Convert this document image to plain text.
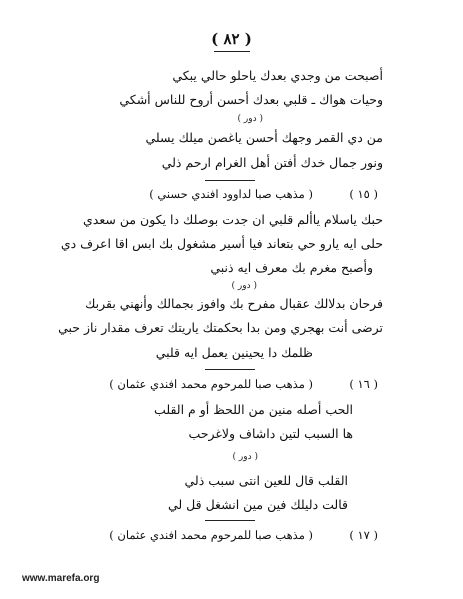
( ٨٢ )
أصبحت من وجدي بعدك ياحلو حالي يبكي
وحيات هواك ـ قلبي بعدك أحسن أروح للناس أشكي
( دور )
من دي القمر وجهك أحسن ياغصن ميلك يسلي
ونور جمال خدك أفتن أهل الغرام ارحم ذلي
( ١٥ )
( مذهب صبا لداوود افندي حسني )
حبك ياسلام ياألم قلبي ان جدت بوصلك دا يكون من سعدي
حلى ايه يارو حي بتعاند فيا أسير مشغول بك ابس اقا اعرف دي
وأصبح مغرم بك معرف ايه ذنبي
( دور )
فرحان بدلالك عقبال مفرح بك وافوز بجمالك وأنهني بقربك
ترضى أنت بهجري ومن بدا بحكمتك ياريتك تعرف مقدار ناز حبي
ظلمك دا يحينين يعمل ايه قلبي
( ١٦ )
( مذهب صبا للمرحوم محمد افندي عثمان )
الحب أصله منين من اللحظ أو م القلب
ها السبب لتين داشاف ولاغرحب
( دور )
القلب قال للعين انتى سبب ذلي
قالت دليلك فين مين انشغل قل لي
( ١٧ )
( مذهب صبا للمرحوم محمد افندي عثمان )
www.marefa.org
